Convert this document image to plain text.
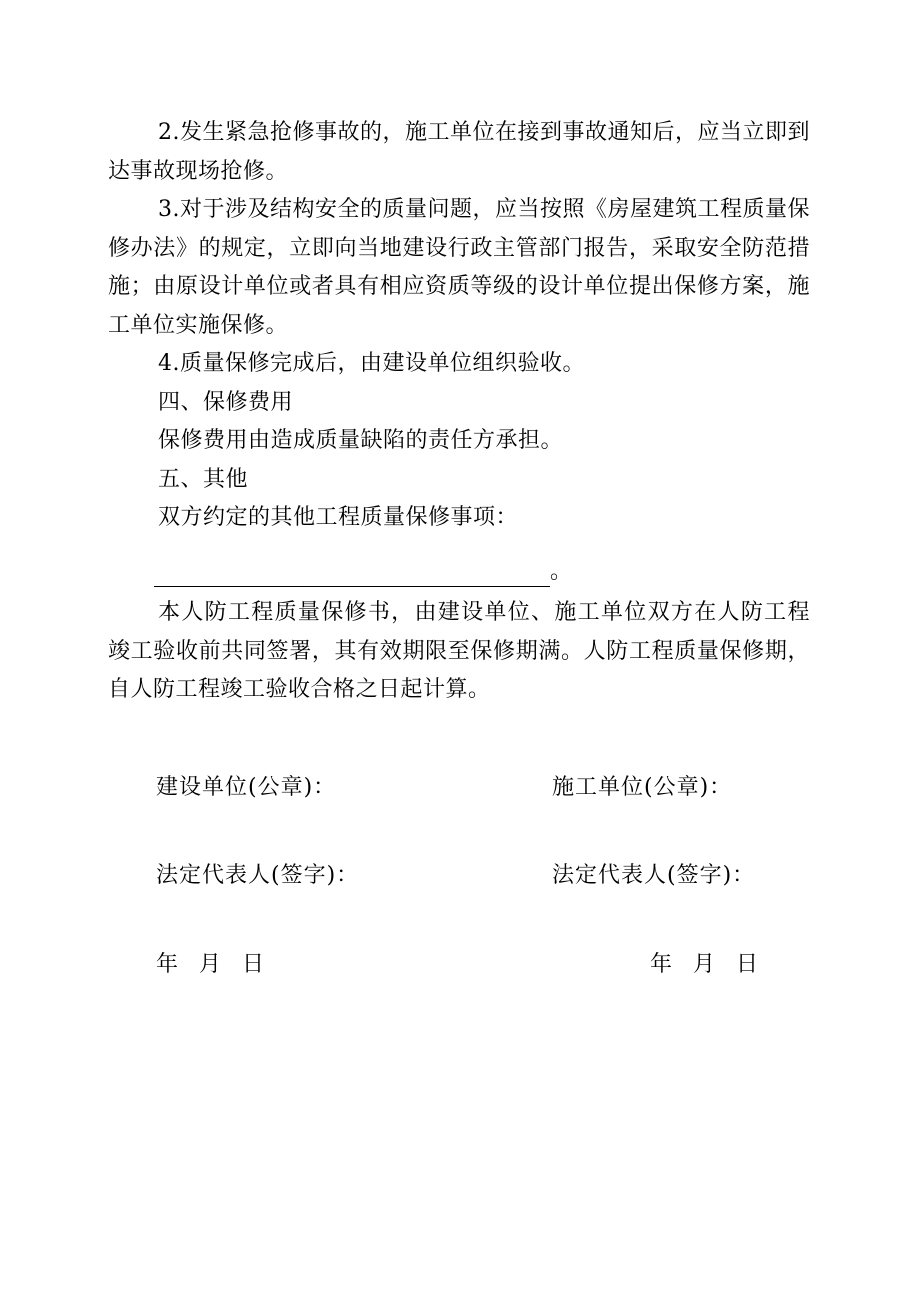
2.发生紧急抢修事故的，施工单位在接到事故通知后，应当立即到达事故现场抢修。

3.对于涉及结构安全的质量问题，应当按照《房屋建筑工程质量保修办法》的规定，立即向当地建设行政主管部门报告，采取安全防范措施；由原设计单位或者具有相应资质等级的设计单位提出保修方案，施工单位实施保修。

4.质量保修完成后，由建设单位组织验收。

四、保修费用

保修费用由造成质量缺陷的责任方承担。

五、其他

双方约定的其他工程质量保修事项：

。

本人防工程质量保修书，由建设单位、施工单位双方在人防工程竣工验收前共同签署，其有效期限至保修期满。人防工程质量保修期，自人防工程竣工验收合格之日起计算。

建设单位(公章)：	施工单位(公章)：
法定代表人(签字)：	法定代表人(签字)：
年 月 日	年 月 日
